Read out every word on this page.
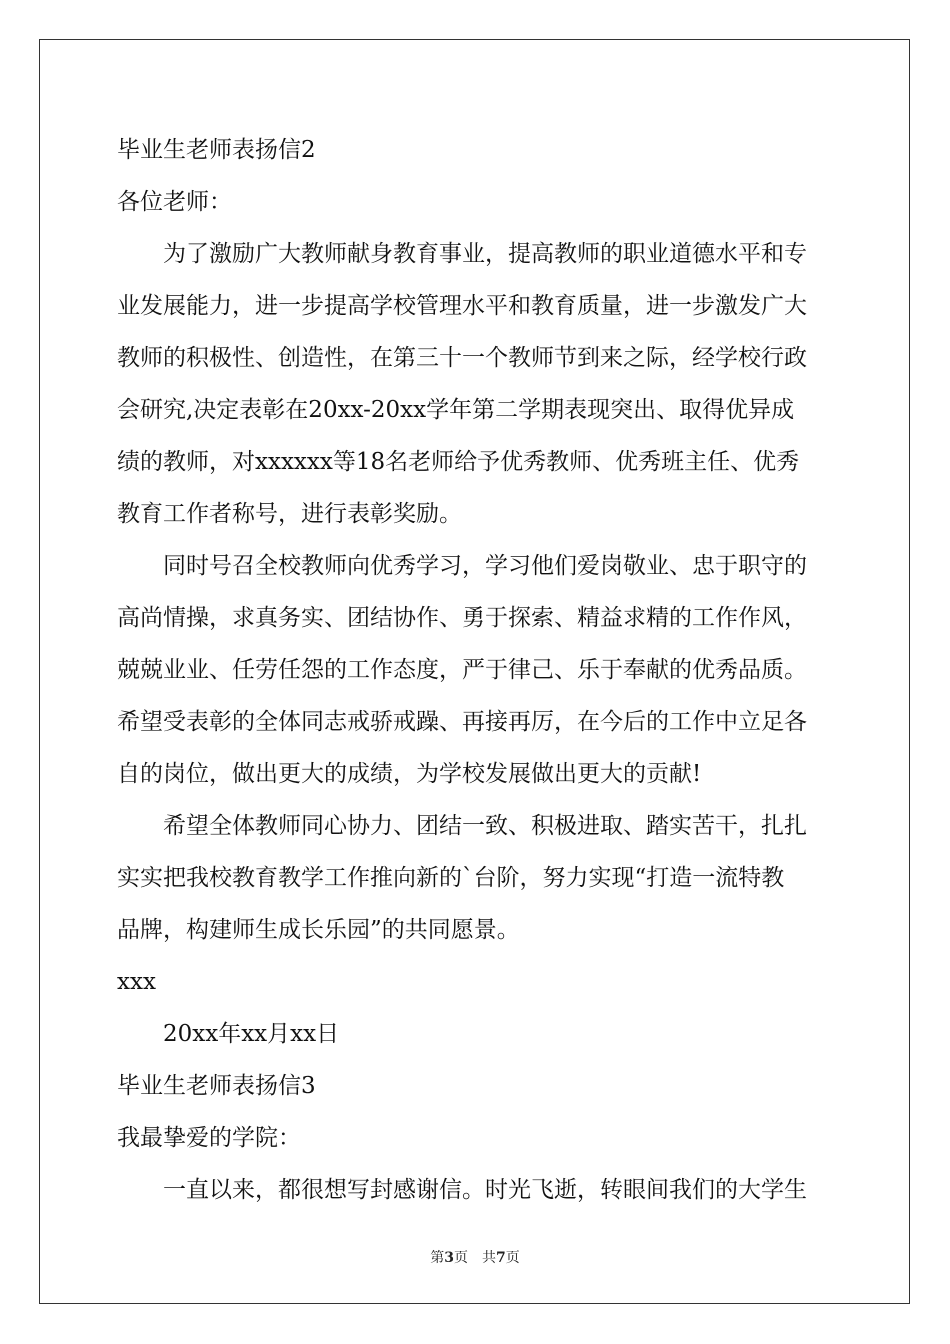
毕业生老师表扬信2
各位老师：

为了激励广大教师献身教育事业，提高教师的职业道德水平和专
业发展能力，进一步提高学校管理水平和教育质量，进一步激发广大
教师的积极性、创造性，在第三十一个教师节到来之际，经学校行政
会研究,决定表彰在20xx-20xx学年第二学期表现突出、取得优异成
绩的教师，对xxxxxx等18名老师给予优秀教师、优秀班主任、优秀
教育工作者称号，进行表彰奖励。

同时号召全校教师向优秀学习，学习他们爱岗敬业、忠于职守的
高尚情操，求真务实、团结协作、勇于探索、精益求精的工作作风，
兢兢业业、任劳任怨的工作态度，严于律己、乐于奉献的优秀品质。
希望受表彰的全体同志戒骄戒躁、再接再厉，在今后的工作中立足各
自的岗位，做出更大的成绩，为学校发展做出更大的贡献!

希望全体教师同心协力、团结一致、积极进取、踏实苦干，扎扎
实实把我校教育教学工作推向新的`台阶，努力实现“打造一流特教
品牌，构建师生成长乐园”的共同愿景。

xxx
20xx年xx月xx日
毕业生老师表扬信3
我最挚爱的学院：

一直以来，都很想写封感谢信。时光飞逝，转眼间我们的大学生

第3页　共7页
